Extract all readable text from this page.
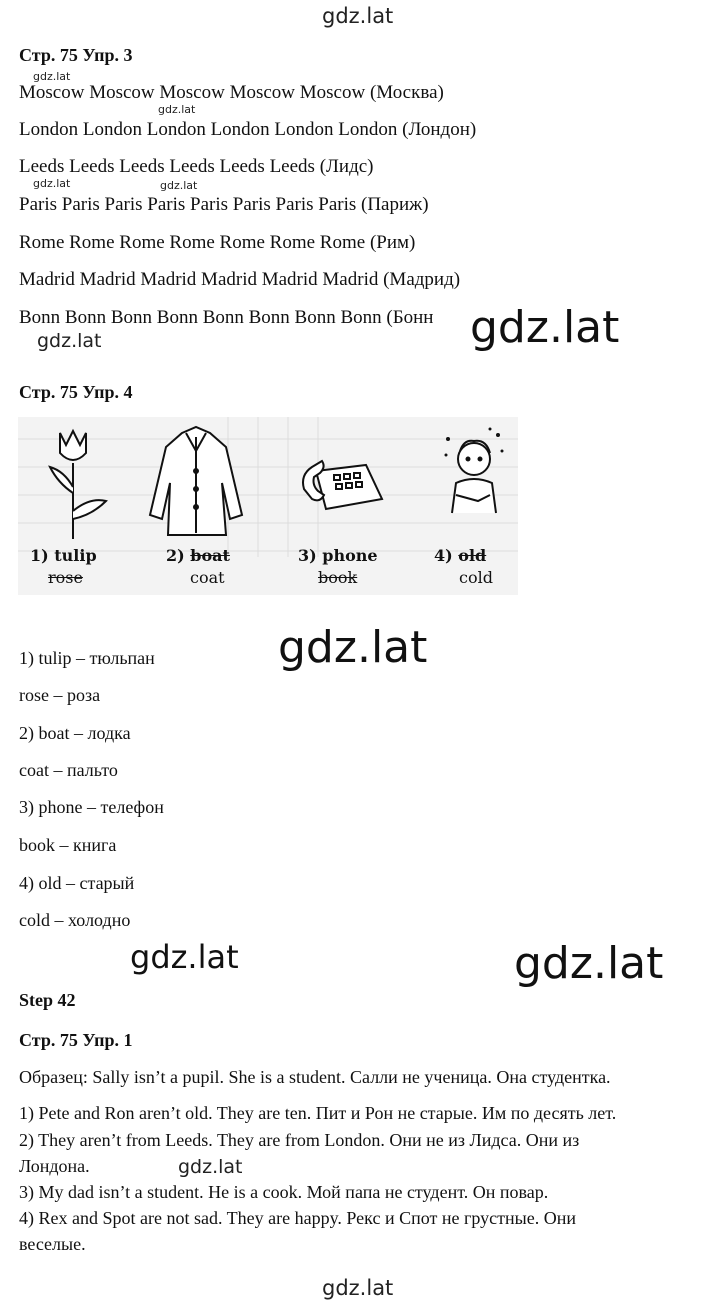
gdz.lat
gdz.lat
gdz.lat
gdz.lat	gdz.lat
gdz.lat	gdz.lat
gdz.lat
gdz.lat	gdz.lat
gdz.lat
gdz.lat
Стр. 75 Упр. 3
Moscow Moscow Moscow Moscow Moscow (Москва)
London London London London London London (Лондон)
Leeds Leeds Leeds Leeds Leeds Leeds (Лидс)
Paris Paris Paris Paris Paris Paris Paris Paris (Париж)
Rome Rome Rome Rome Rome Rome Rome (Рим)
Madrid Madrid Madrid Madrid Madrid Madrid (Мадрид)
Bonn Bonn Bonn Bonn Bonn Bonn Bonn Bonn (Бонн
Стр. 75 Упр. 4
1) tulip
rose
2) boat
coat
3) phone
book
4) old
cold
1) tulip – тюльпан
rose – роза
2) boat – лодка
coat – пальто
3) phone – телефон
book – книга
4) old – старый
cold – холодно
Step 42
Стр. 75 Упр. 1
Образец: Sally isn’t a pupil. She is a student. Салли не ученица. Она студентка.
1) Pete and Ron aren’t old. They are ten. Пит и Рон не старые. Им по десять лет.
2) They aren’t from Leeds. They are from London. Они не из Лидса. Они из
Лондона.
3) My dad isn’t a student. He is a cook. Мой папа не студент. Он повар.
4) Rex and Spot are not sad. They are happy. Рекс и Спот не грустные. Они
веселые.
